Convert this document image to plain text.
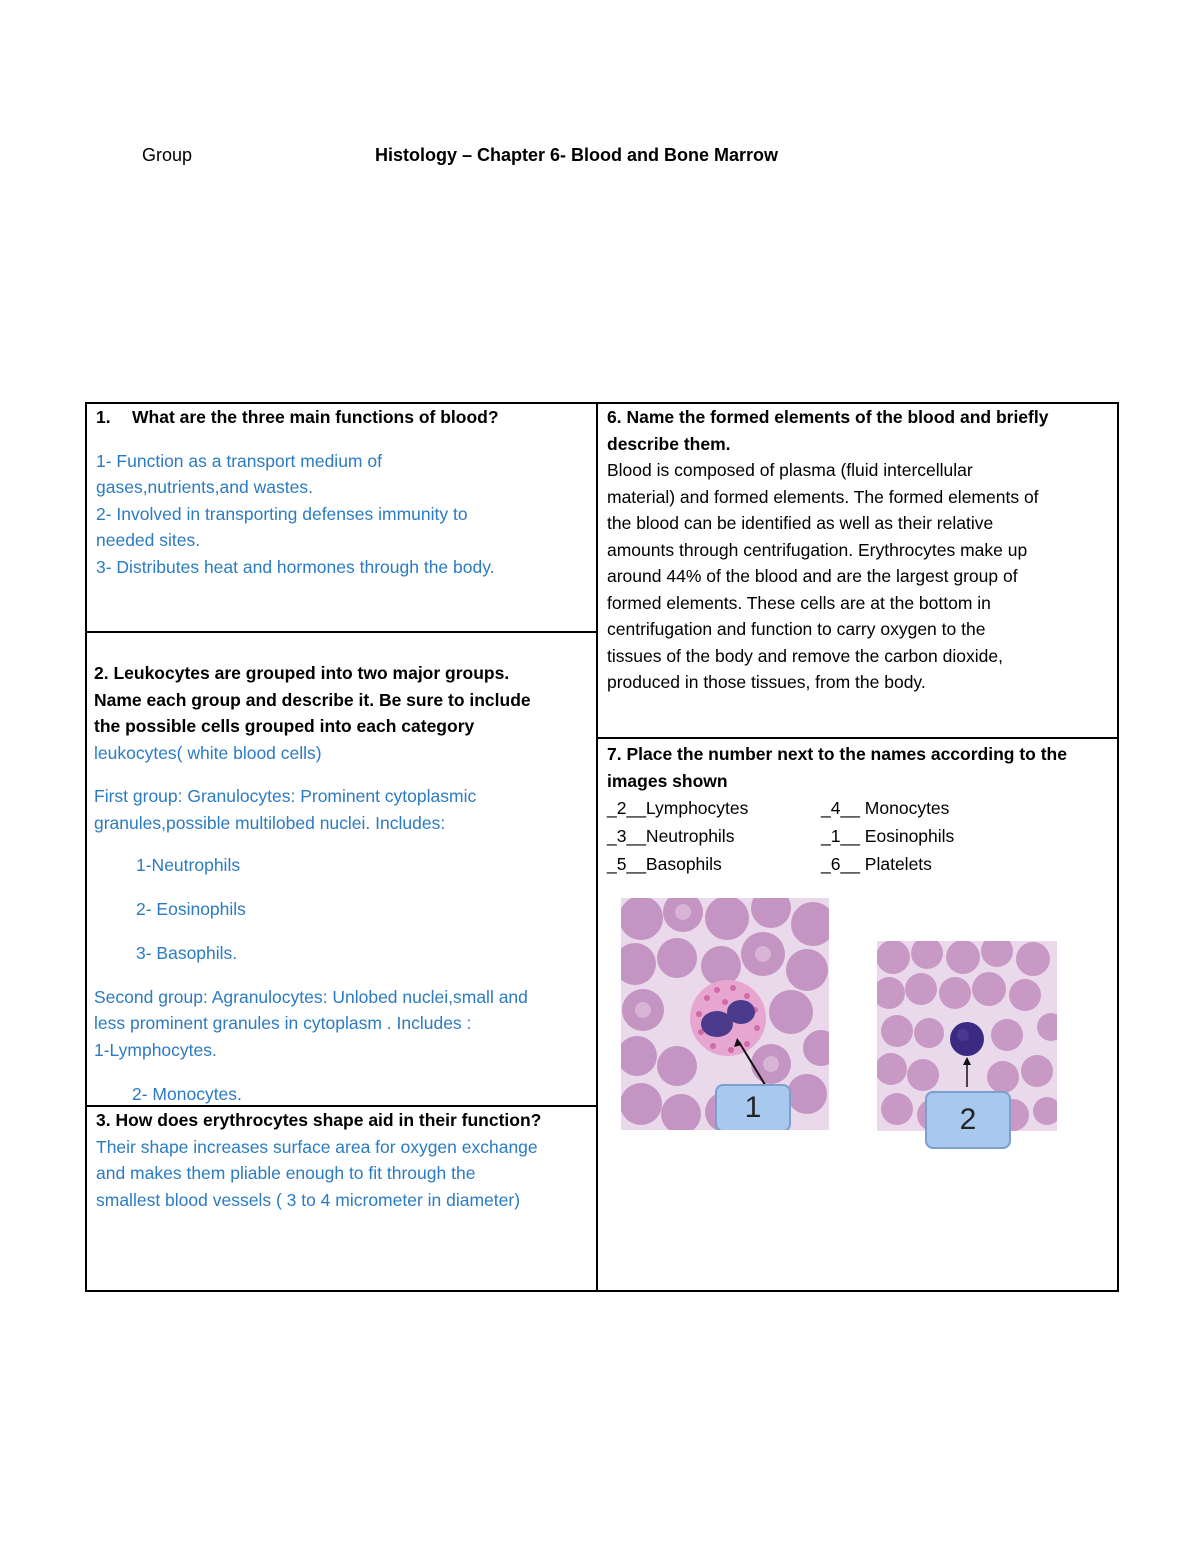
Group	Histology – Chapter 6- Blood and Bone Marrow
1. What are the three main functions of blood?
1- Function as a transport medium of
gases,nutrients,and wastes.
2- Involved in transporting defenses immunity to
needed sites.
3- Distributes heat and hormones through the body.
2. Leukocytes are grouped into two major groups.
Name each group and describe it. Be sure to include
the possible cells grouped into each category
leukocytes( white blood cells)
First group: Granulocytes: Prominent cytoplasmic
granules,possible multilobed nuclei. Includes:
1-Neutrophils
2- Eosinophils
3- Basophils.
Second group: Agranulocytes: Unlobed nuclei,small and
less prominent granules in cytoplasm . Includes :
1-Lymphocytes.
2- Monocytes.
3. How does erythrocytes shape aid in their function?
Their shape increases surface area for oxygen exchange
and makes them pliable enough to fit through the
smallest blood vessels ( 3 to 4 micrometer in diameter)
6. Name the formed elements of the blood and briefly
describe them.
Blood is composed of plasma (fluid intercellular
material) and formed elements. The formed elements of
the blood can be identified as well as their relative
amounts through centrifugation. Erythrocytes make up
around 44% of the blood and are the largest group of
formed elements. These cells are at the bottom in
centrifugation and function to carry oxygen to the
tissues of the body and remove the carbon dioxide,
produced in those tissues, from the body.
7. Place the number next to the names according to the
images shown
_2__Lymphocytes	_4__ Monocytes
_3__Neutrophils	_1__ Eosinophils
_5__Basophils	_6__ Platelets
1	2
